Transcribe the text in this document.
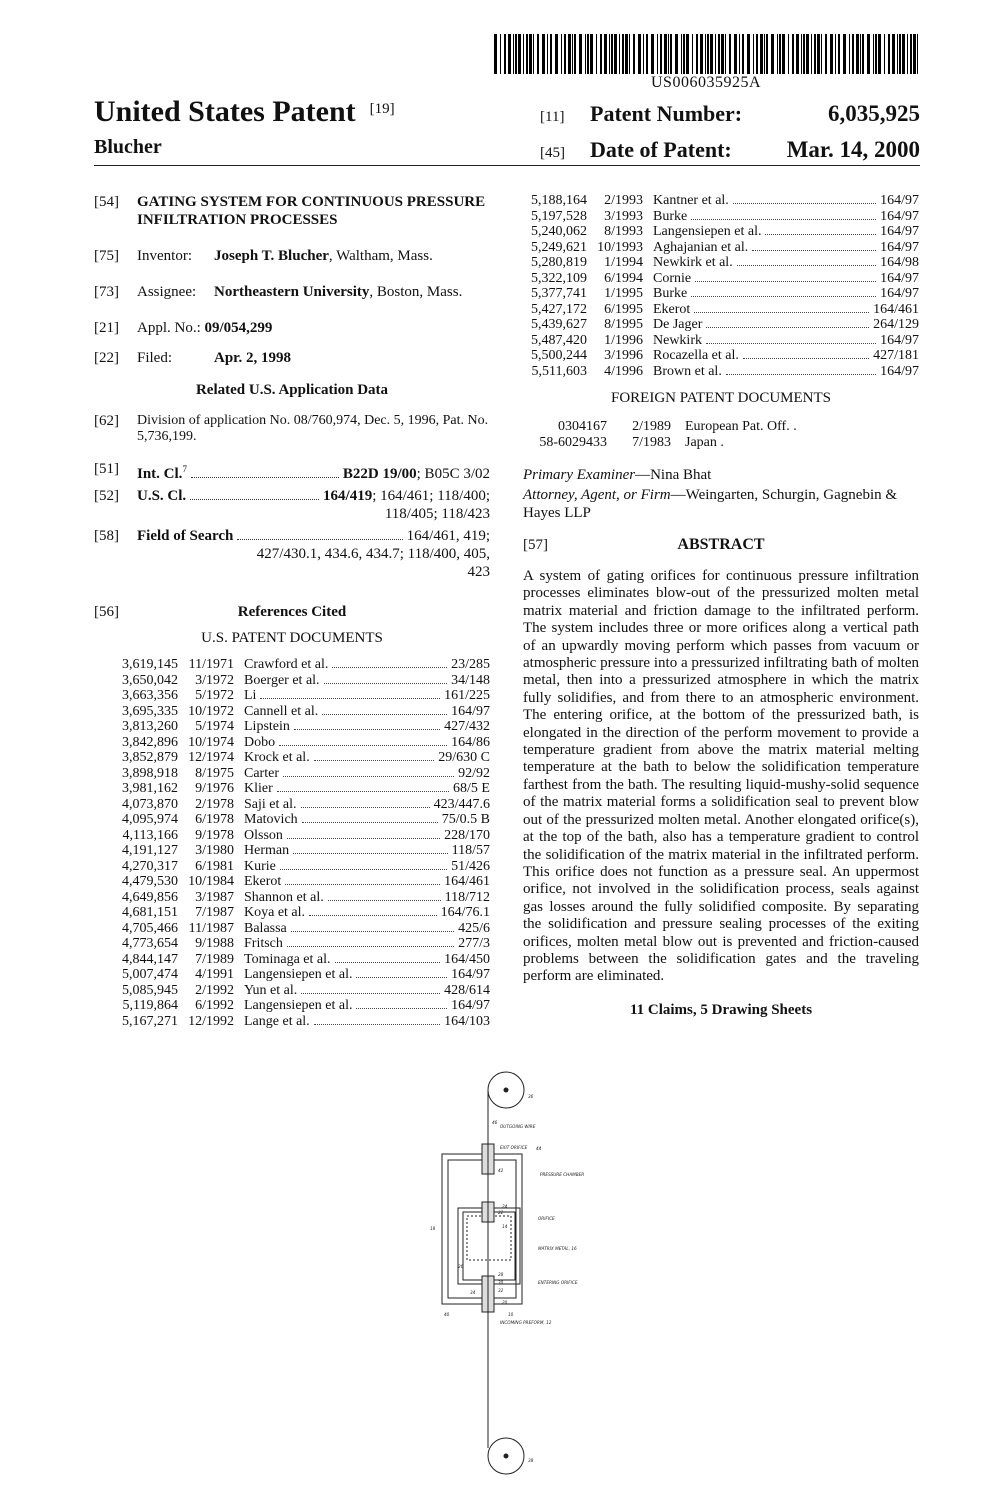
US006035925A
United States Patent [19]
Blucher
[11]	Patent Number:	6,035,925
[45]	Date of Patent:	Mar. 14, 2000
[54]	GATING SYSTEM FOR CONTINUOUS PRESSURE INFILTRATION PROCESSES
[75]	Inventor: Joseph T. Blucher, Waltham, Mass.
[73]	Assignee:	Northeastern University, Boston, Mass.
[21]	Appl. No.: 09/054,299
[22]	Filed:	Apr. 2, 1998
Related U.S. Application Data
[62]	Division of application No. 08/760,974, Dec. 5, 1996, Pat. No. 5,736,199.
[51]	Int. Cl.$^7$	B22D 19/00; B05C 3/02
[52]	U.S. Cl.	164/419; 164/461; 118/400;
118/405; 118/423
[58]	Field of Search	164/461, 419;
427/430.1, 434.6, 434.7; 118/400, 405,
423
[56]	References Cited
U.S. PATENT DOCUMENTS
3,619,145 11/1971 Crawford et al.	23/285
3,650,042	3/1972 Boerger et al.	34/148
3,663,356	5/1972 Li	161/225
3,695,335 10/1972 Cannell et al.	164/97
3,813,260	5/1974 Lipstein	427/432
3,842,896 10/1974 Dobo	164/86
3,852,879 12/1974 Krock et al.	29/630 C
3,898,918	8/1975 Carter	92/92
3,981,162	9/1976 Klier	68/5 E
4,073,870	2/1978 Saji et al.	423/447.6
4,095,974	6/1978 Matovich	75/0.5 B
4,113,166	9/1978 Olsson	228/170
4,191,127	3/1980 Herman	118/57
4,270,317	6/1981 Kurie	51/426
4,479,530 10/1984 Ekerot	164/461
4,649,856	3/1987 Shannon et al.	118/712
4,681,151	7/1987 Koya et al.	164/76.1
4,705,466 11/1987 Balassa	425/6
4,773,654	9/1988 Fritsch	277/3
4,844,147	7/1989 Tominaga et al.	164/450
5,007,474	4/1991 Langensiepen et al.	164/97
5,085,945	2/1992 Yun et al.	428/614
5,119,864	6/1992 Langensiepen et al.	164/97
5,167,271 12/1992 Lange et al.	164/103
5,188,164	2/1993 Kantner et al.	164/97
5,197,528	3/1993 Burke	164/97
5,240,062	8/1993 Langensiepen et al.	164/97
5,249,621 10/1993 Aghajanian et al.	164/97
5,280,819	1/1994 Newkirk et al.	164/98
5,322,109	6/1994 Cornie	164/97
5,377,741	1/1995 Burke	164/97
5,427,172	6/1995 Ekerot	164/461
5,439,627	8/1995 De Jager	264/129
5,487,420	1/1996 Newkirk	164/97
5,500,244	3/1996 Rocazella et al.	427/181
5,511,603	4/1996 Brown et al.	164/97
FOREIGN PATENT DOCUMENTS
0304167	2/1989	European Pat. Off. .
58-6029433	7/1983	Japan .
Primary Examiner—Nina Bhat
Attorney, Agent, or Firm—Weingarten, Schurgin, Gagnebin & Hayes LLP
[57]	ABSTRACT
A system of gating orifices for continuous pressure infiltration processes eliminates blow-out of the pressurized molten metal matrix material and friction damage to the infiltrated perform. The system includes three or more orifices along a vertical path of an upwardly moving perform which passes from vacuum or atmospheric pressure into a pressurized infiltrating bath of molten metal, then into a pressurized atmosphere in which the matrix fully solidifies, and from there to an atmospheric environment. The entering orifice, at the bottom of the pressurized bath, is elongated in the direction of the perform movement to provide a temperature gradient from above the matrix material melting temperature at the bath to below the solidification temperature farthest from the bath. The resulting liquid-mushy-solid sequence of the matrix material forms a solidification seal to prevent blow out of the pressurized molten metal. Another elongated orifice(s), at the top of the bath, also has a temperature gradient to control the solidification of the matrix material in the infiltrated perform. This orifice does not function as a pressure seal. An uppermost orifice, not involved in the solidification process, seals against gas losses around the fully solidified composite. By separating the solidification and pressure sealing processes of the exiting orifices, molten metal blow out is prevented and friction-caused problems between the solidification gates and the traveling perform are eliminated.
11 Claims, 5 Drawing Sheets
OUTGOING WIRE
EXIT ORIFICE
PRESSURE CHAMBER
ORIFICE
MATRIX METAL, 16
ENTERING ORIFICE
INCOMING PREFORM, 12
46
44
42
24
18
22
14
28
30
26
32
34
40
20
10
36
38
